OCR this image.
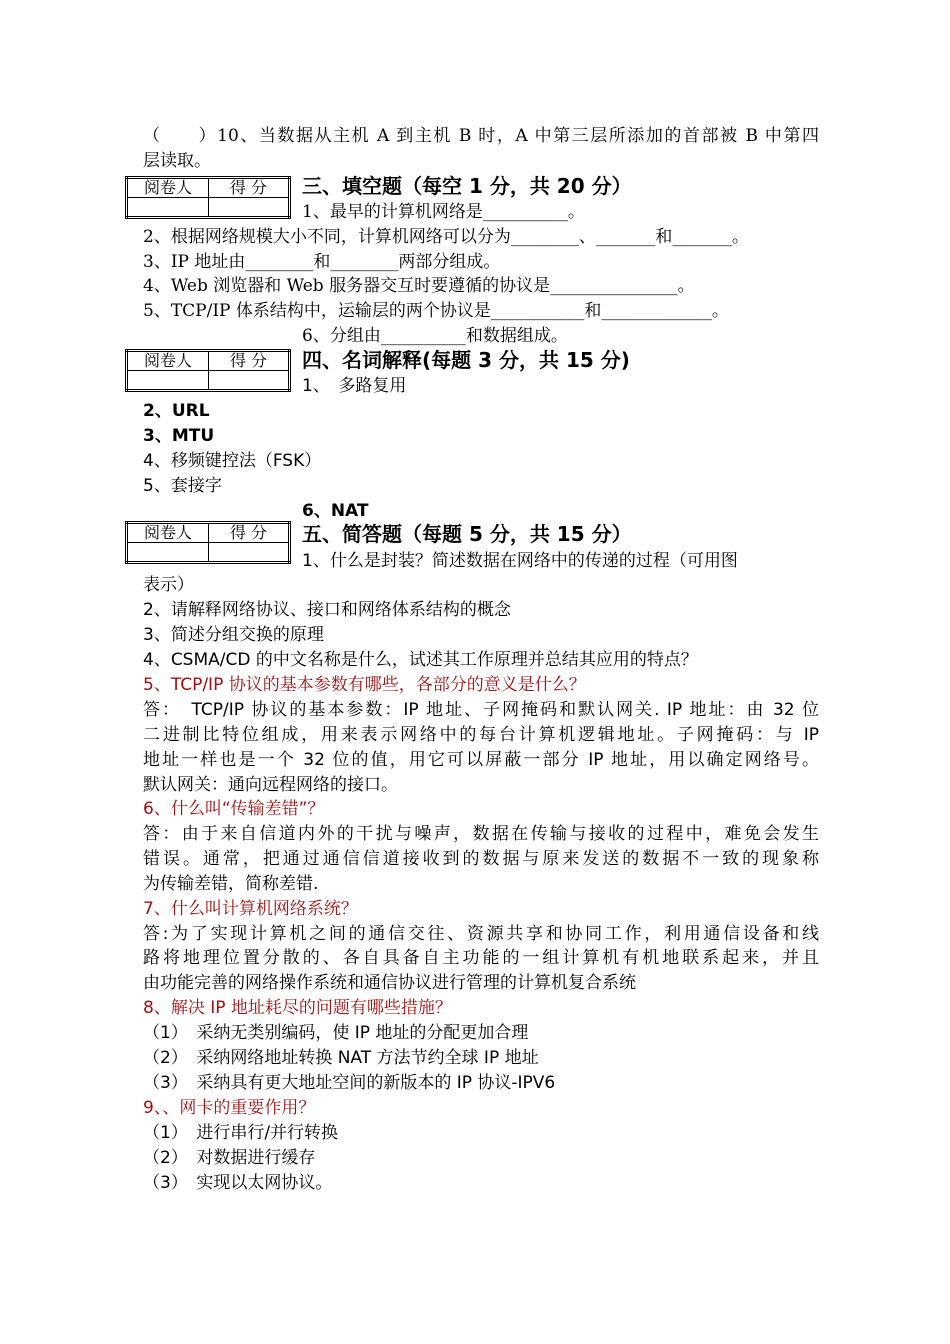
（　　）10、当数据从主机 A 到主机 B 时，A 中第三层所添加的首部被 B 中第四
层读取。
阅卷人	得 分
	三、填空题（每空 1 分，共 20 分）
1、最早的计算机网络是__________。
2、根据网络规模大小不同，计算机网络可以分为________、_______和_______。
3、IP 地址由________和________两部分组成。
4、Web 浏览器和 Web 服务器交互时要遵循的协议是_______________。
5、TCP/IP 体系结构中，运输层的两个协议是___________和_____________。
6、分组由__________和数据组成。
阅卷人	得 分
	四、名词解释(每题 3 分，共 15 分)
1、　多路复用
2、URL
3、MTU
4、移频键控法（FSK）
5、套接字
6、NAT
阅卷人	得 分
	五、简答题（每题 5 分，共 15 分）
1、什么是封装？简述数据在网络中的传递的过程（可用图
表示）
2、请解释网络协议、接口和网络体系结构的概念
3、简述分组交换的原理
4、CSMA/CD 的中文名称是什么，试述其工作原理并总结其应用的特点？
5、TCP/IP 协议的基本参数有哪些，各部分的意义是什么？
答：　TCP/IP 协议的基本参数：IP 地址、子网掩码和默认网关. IP 地址：由 32 位
二进制比特位组成，用来表示网络中的每台计算机逻辑地址。子网掩码：与 IP
地址一样也是一个 32 位的值，用它可以屏蔽一部分 IP 地址，用以确定网络号。
默认网关：通向远程网络的接口。
6、什么叫“传输差错”？
答：由于来自信道内外的干扰与噪声，数据在传输与接收的过程中，难免会发生
错误。通常，把通过通信信道接收到的数据与原来发送的数据不一致的现象称
为传输差错，简称差错.
7、什么叫计算机网络系统？
答:为了实现计算机之间的通信交往、资源共享和协同工作，利用通信设备和线
路将地理位置分散的、各自具备自主功能的一组计算机有机地联系起来，并且
由功能完善的网络操作系统和通信协议进行管理的计算机复合系统
8、解决 IP 地址耗尽的问题有哪些措施？
（1）　采纳无类别编码，使 IP 地址的分配更加合理
（2）　采纳网络地址转换 NAT 方法节约全球 IP 地址
（3）　采纳具有更大地址空间的新版本的 IP 协议-IPV6
9、、网卡的重要作用？
（1）　进行串行/并行转换
（2）　对数据进行缓存
（3）　实现以太网协议。
